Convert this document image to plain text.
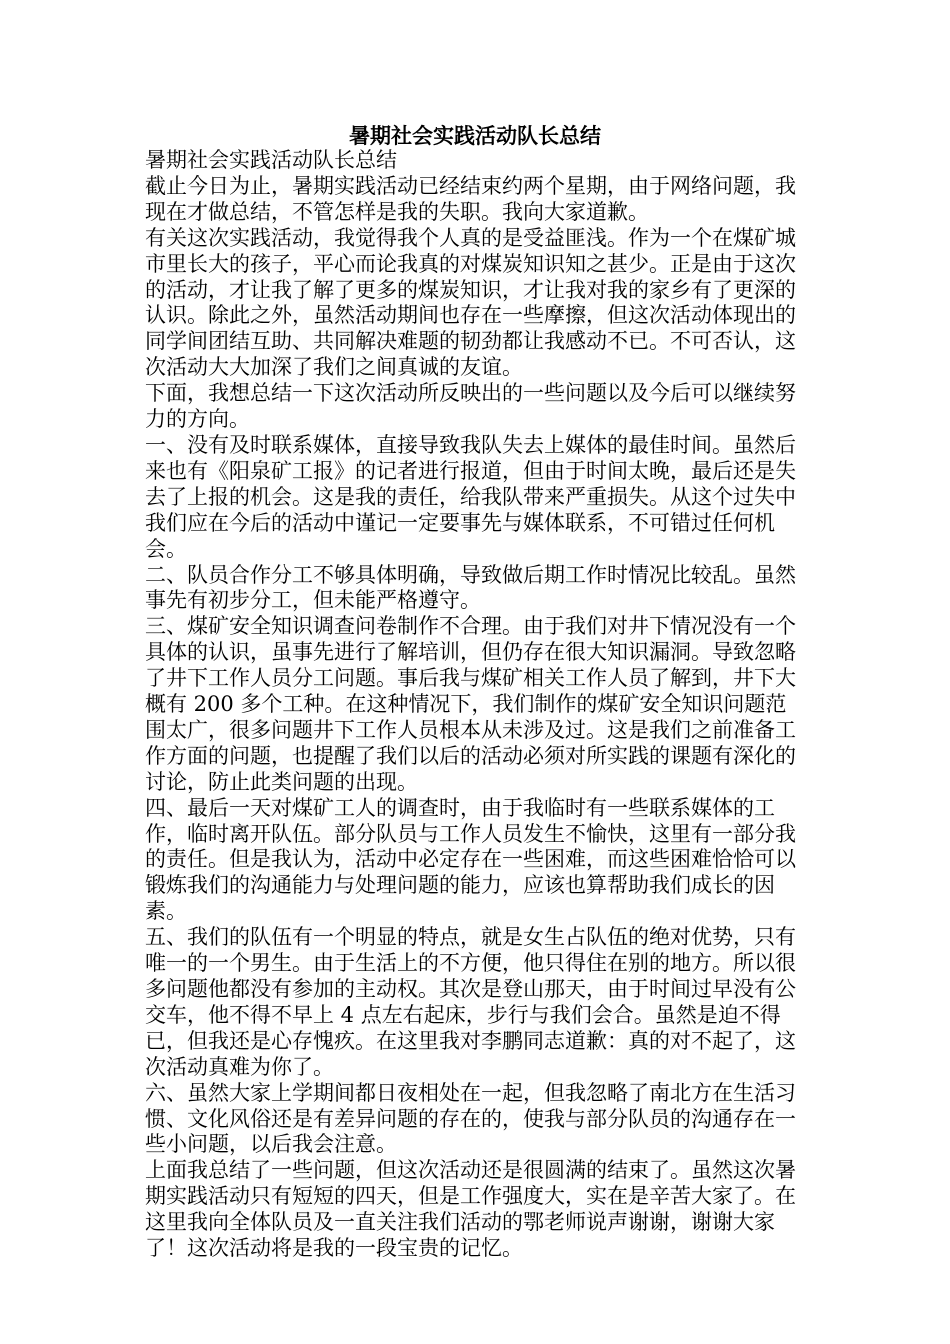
暑期社会实践活动队长总结

暑期社会实践活动队长总结

截止今日为止，暑期实践活动已经结束约两个星期，由于网络问题，我现在才做总结，不管怎样是我的失职。我向大家道歉。

有关这次实践活动，我觉得我个人真的是受益匪浅。作为一个在煤矿城市里长大的孩子，平心而论我真的对煤炭知识知之甚少。正是由于这次的活动，才让我了解了更多的煤炭知识，才让我对我的家乡有了更深的认识。除此之外，虽然活动期间也存在一些摩擦，但这次活动体现出的同学间团结互助、共同解决难题的韧劲都让我感动不已。不可否认，这次活动大大加深了我们之间真诚的友谊。

下面，我想总结一下这次活动所反映出的一些问题以及今后可以继续努力的方向。

一、没有及时联系媒体，直接导致我队失去上媒体的最佳时间。虽然后来也有《阳泉矿工报》的记者进行报道，但由于时间太晚，最后还是失去了上报的机会。这是我的责任，给我队带来严重损失。从这个过失中我们应在今后的活动中谨记一定要事先与媒体联系，不可错过任何机会。

二、队员合作分工不够具体明确，导致做后期工作时情况比较乱。虽然事先有初步分工，但未能严格遵守。

三、煤矿安全知识调查问卷制作不合理。由于我们对井下情况没有一个具体的认识，虽事先进行了解培训，但仍存在很大知识漏洞。导致忽略了井下工作人员分工问题。事后我与煤矿相关工作人员了解到，井下大概有 200 多个工种。在这种情况下，我们制作的煤矿安全知识问题范围太广，很多问题井下工作人员根本从未涉及过。这是我们之前准备工作方面的问题，也提醒了我们以后的活动必须对所实践的课题有深化的讨论，防止此类问题的出现。

四、最后一天对煤矿工人的调查时，由于我临时有一些联系媒体的工作，临时离开队伍。部分队员与工作人员发生不愉快，这里有一部分我的责任。但是我认为，活动中必定存在一些困难，而这些困难恰恰可以锻炼我们的沟通能力与处理问题的能力，应该也算帮助我们成长的因素。

五、我们的队伍有一个明显的特点，就是女生占队伍的绝对优势，只有唯一的一个男生。由于生活上的不方便，他只得住在别的地方。所以很多问题他都没有参加的主动权。其次是登山那天，由于时间过早没有公交车，他不得不早上 4 点左右起床，步行与我们会合。虽然是迫不得已，但我还是心存愧疚。在这里我对李鹏同志道歉：真的对不起了，这次活动真难为你了。

六、虽然大家上学期间都日夜相处在一起，但我忽略了南北方在生活习惯、文化风俗还是有差异问题的存在的，使我与部分队员的沟通存在一些小问题，以后我会注意。

上面我总结了一些问题，但这次活动还是很圆满的结束了。虽然这次暑期实践活动只有短短的四天，但是工作强度大，实在是辛苦大家了。在这里我向全体队员及一直关注我们活动的鄂老师说声谢谢，谢谢大家了！这次活动将是我的一段宝贵的记忆。
